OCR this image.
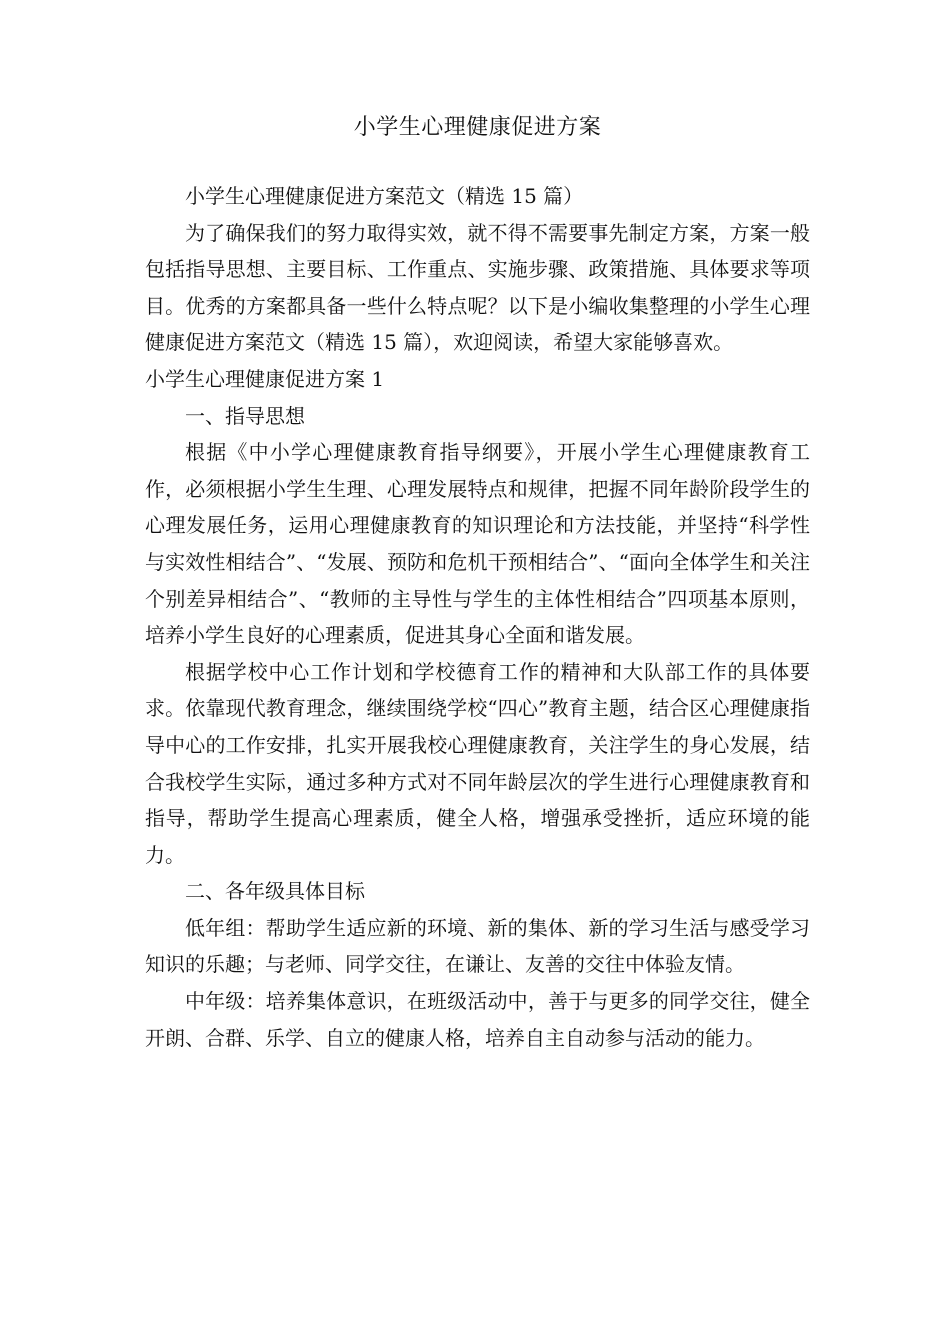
小学生心理健康促进方案

小学生心理健康促进方案范文（精选 15 篇）

为了确保我们的努力取得实效，就不得不需要事先制定方案，方案一般包括指导思想、主要目标、工作重点、实施步骤、政策措施、具体要求等项目。优秀的方案都具备一些什么特点呢？以下是小编收集整理的小学生心理健康促进方案范文（精选 15 篇），欢迎阅读，希望大家能够喜欢。

小学生心理健康促进方案 1

一、指导思想

根据《中小学心理健康教育指导纲要》，开展小学生心理健康教育工作，必须根据小学生生理、心理发展特点和规律，把握不同年龄阶段学生的心理发展任务，运用心理健康教育的知识理论和方法技能，并坚持“科学性与实效性相结合”、“发展、预防和危机干预相结合”、“面向全体学生和关注个别差异相结合”、“教师的主导性与学生的主体性相结合”四项基本原则，培养小学生良好的心理素质，促进其身心全面和谐发展。

根据学校中心工作计划和学校德育工作的精神和大队部工作的具体要求。依靠现代教育理念，继续围绕学校“四心”教育主题，结合区心理健康指导中心的工作安排，扎实开展我校心理健康教育，关注学生的身心发展，结合我校学生实际，通过多种方式对不同年龄层次的学生进行心理健康教育和指导，帮助学生提高心理素质，健全人格，增强承受挫折，适应环境的能力。

二、各年级具体目标

低年组：帮助学生适应新的环境、新的集体、新的学习生活与感受学习知识的乐趣；与老师、同学交往，在谦让、友善的交往中体验友情。

中年级：培养集体意识，在班级活动中，善于与更多的同学交往，健全开朗、合群、乐学、自立的健康人格，培养自主自动参与活动的能力。
